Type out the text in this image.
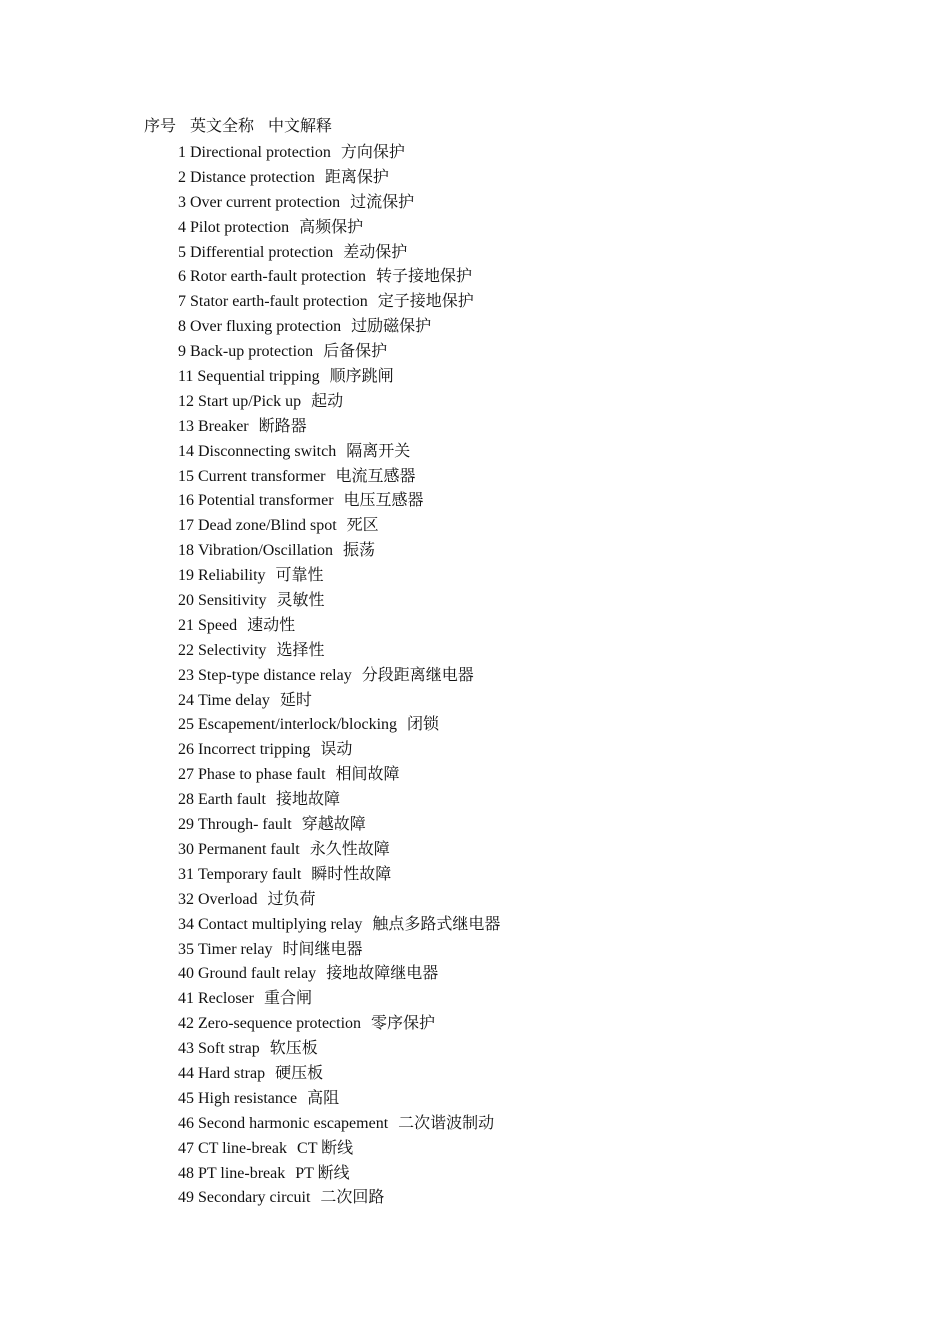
序号 英文全称 中文解释
1 Directional protection 方向保护
2 Distance protection 距离保护
3 Over current protection 过流保护
4 Pilot protection 高频保护
5 Differential protection 差动保护
6 Rotor earth-fault protection 转子接地保护
7 Stator earth-fault protection 定子接地保护
8 Over fluxing protection 过励磁保护
9 Back-up protection 后备保护
11 Sequential tripping 顺序跳闸
12 Start up/Pick up 起动
13 Breaker 断路器
14 Disconnecting switch 隔离开关
15 Current transformer 电流互感器
16 Potential transformer 电压互感器
17 Dead zone/Blind spot 死区
18 Vibration/Oscillation 振荡
19 Reliability 可靠性
20 Sensitivity 灵敏性
21 Speed 速动性
22 Selectivity 选择性
23 Step-type distance relay 分段距离继电器
24 Time delay 延时
25 Escapement/interlock/blocking 闭锁
26 Incorrect tripping 误动
27 Phase to phase fault 相间故障
28 Earth fault 接地故障
29 Through- fault 穿越故障
30 Permanent fault 永久性故障
31 Temporary fault 瞬时性故障
32 Overload 过负荷
34 Contact multiplying relay 触点多路式继电器
35 Timer relay 时间继电器
40 Ground fault relay 接地故障继电器
41 Recloser 重合闸
42 Zero-sequence protection 零序保护
43 Soft strap 软压板
44 Hard strap 硬压板
45 High resistance 高阻
46 Second harmonic escapement 二次谐波制动
47 CT line-break CT 断线
48 PT line-break PT 断线
49 Secondary circuit 二次回路
